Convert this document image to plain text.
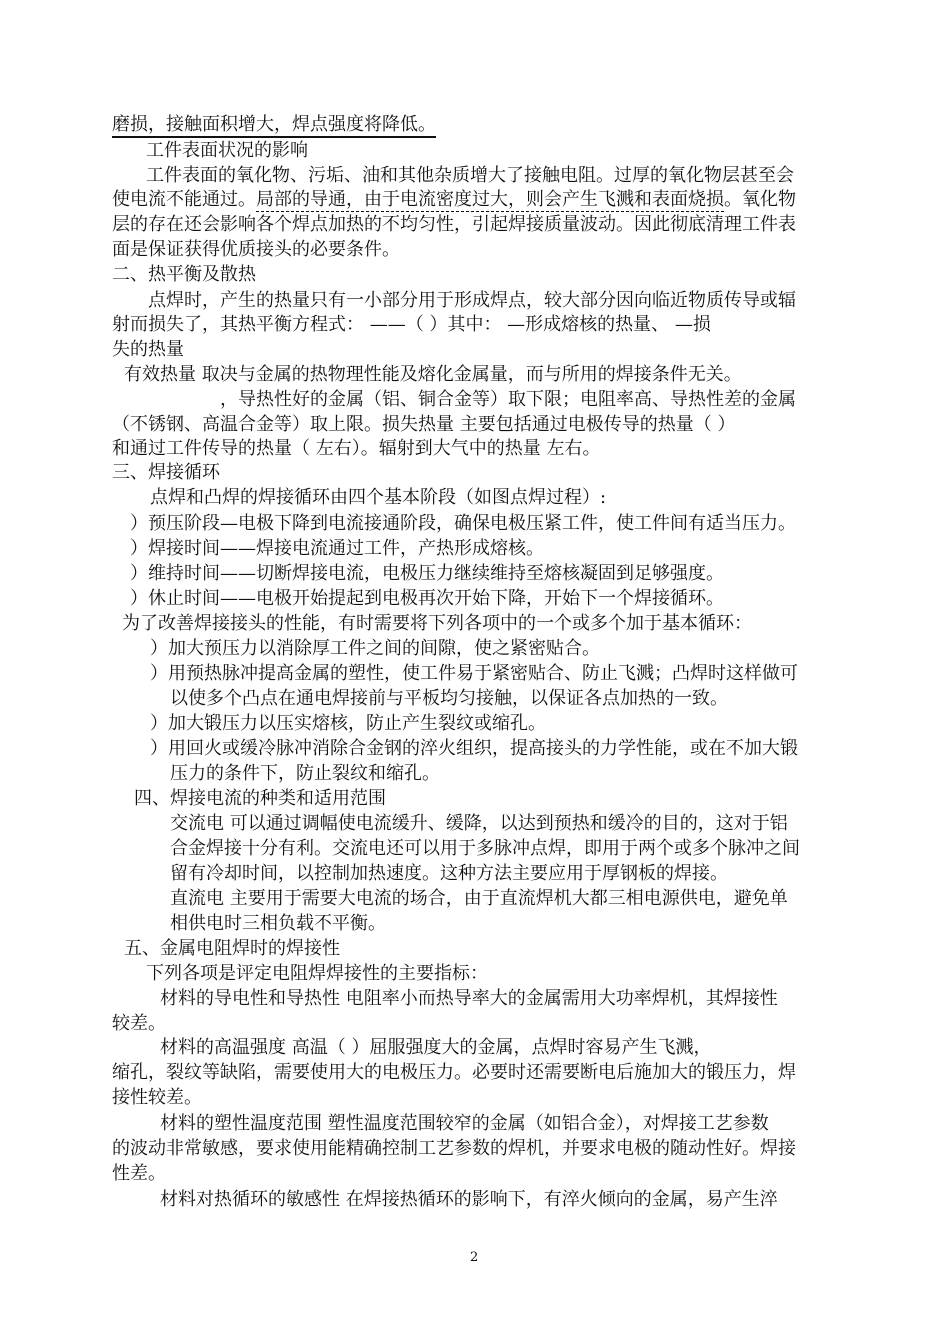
磨损，接触面积增大，焊点强度将降低。
工件表面状况的影响
工件表面的氧化物、污垢、油和其他杂质增大了接触电阻。过厚的氧化物层甚至会
使电流不能通过。局部的导通，由于电流密度过大，则会产生飞溅和表面烧损。氧化物
层的存在还会影响各个焊点加热的不均匀性，引起焊接质量波动。因此彻底清理工件表
面是保证获得优质接头的必要条件。
二、热平衡及散热
点焊时，产生的热量只有一小部分用于形成焊点，较大部分因向临近物质传导或辐
射而损失了，其热平衡方程式： ——（ ）其中： —形成熔核的热量、 —损
失的热量
有效热量 取决与金属的热物理性能及熔化金属量，而与所用的焊接条件无关。
，导热性好的金属（铝、铜合金等）取下限；电阻率高、导热性差的金属
（不锈钢、高温合金等）取上限。损失热量 主要包括通过电极传导的热量（ ）
和通过工件传导的热量（ 左右）。辐射到大气中的热量 左右。
三、焊接循环
点焊和凸焊的焊接循环由四个基本阶段（如图点焊过程）:
）预压阶段—电极下降到电流接通阶段，确保电极压紧工件，使工件间有适当压力。
）焊接时间——焊接电流通过工件，产热形成熔核。
）维持时间——切断焊接电流，电极压力继续维持至熔核凝固到足够强度。
）休止时间——电极开始提起到电极再次开始下降，开始下一个焊接循环。
为了改善焊接接头的性能，有时需要将下列各项中的一个或多个加于基本循环：
）加大预压力以消除厚工件之间的间隙，使之紧密贴合。
）用预热脉冲提高金属的塑性，使工件易于紧密贴合、防止飞溅；凸焊时这样做可
以使多个凸点在通电焊接前与平板均匀接触，以保证各点加热的一致。
）加大锻压力以压实熔核，防止产生裂纹或缩孔。
）用回火或缓冷脉冲消除合金钢的淬火组织，提高接头的力学性能，或在不加大锻
压力的条件下，防止裂纹和缩孔。
四、焊接电流的种类和适用范围
交流电 可以通过调幅使电流缓升、缓降，以达到预热和缓冷的目的，这对于铝
合金焊接十分有利。交流电还可以用于多脉冲点焊，即用于两个或多个脉冲之间
留有冷却时间，以控制加热速度。这种方法主要应用于厚钢板的焊接。
直流电 主要用于需要大电流的场合，由于直流焊机大都三相电源供电，避免单
相供电时三相负载不平衡。
五、金属电阻焊时的焊接性
下列各项是评定电阻焊焊接性的主要指标：
材料的导电性和导热性 电阻率小而热导率大的金属需用大功率焊机，其焊接性
较差。
材料的高温强度 高温（ ）屈服强度大的金属，点焊时容易产生飞溅，
缩孔，裂纹等缺陷，需要使用大的电极压力。必要时还需要断电后施加大的锻压力，焊
接性较差。
材料的塑性温度范围 塑性温度范围较窄的金属（如铝合金），对焊接工艺参数
的波动非常敏感，要求使用能精确控制工艺参数的焊机，并要求电极的随动性好。焊接
性差。
材料对热循环的敏感性 在焊接热循环的影响下，有淬火倾向的金属，易产生淬
2
